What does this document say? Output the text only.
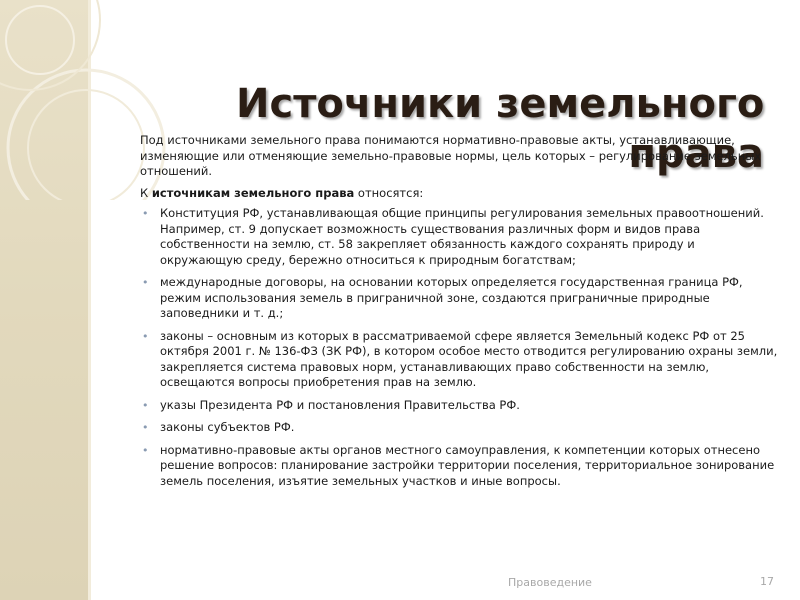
Источники земельного
права

Под источниками земельного права понимаются нормативно-правовые акты, устанавливающие, изменяющие или отменяющие земельно-правовые нормы, цель которых – регулирование земельных отношений.

К источникам земельного права относятся:

• Конституция РФ, устанавливающая общие принципы регулирования земельных правоотношений. Например, ст. 9 допускает возможность существования различных форм и видов права собственности на землю, ст. 58 закрепляет обязанность каждого сохранять природу и окружающую среду, бережно относиться к природным богатствам;
• международные договоры, на основании которых определяется государственная граница РФ, режим использования земель в приграничной зоне, создаются приграничные природные заповедники и т. д.;
• законы – основным из которых в рассматриваемой сфере является Земельный кодекс РФ от 25 октября 2001 г. № 136-ФЗ (ЗК РФ), в котором особое место отводится регулированию охраны земли, закрепляется система правовых норм, устанавливающих право собственности на землю, освещаются вопросы приобретения прав на землю.
• указы Президента РФ и постановления Правительства РФ.
• законы субъектов РФ.
• нормативно-правовые акты органов местного самоуправления, к компетенции которых отнесено решение вопросов: планирование застройки территории поселения, территориальное зонирование земель поселения, изъятие земельных участков и иные вопросы.
Правоведение	17
